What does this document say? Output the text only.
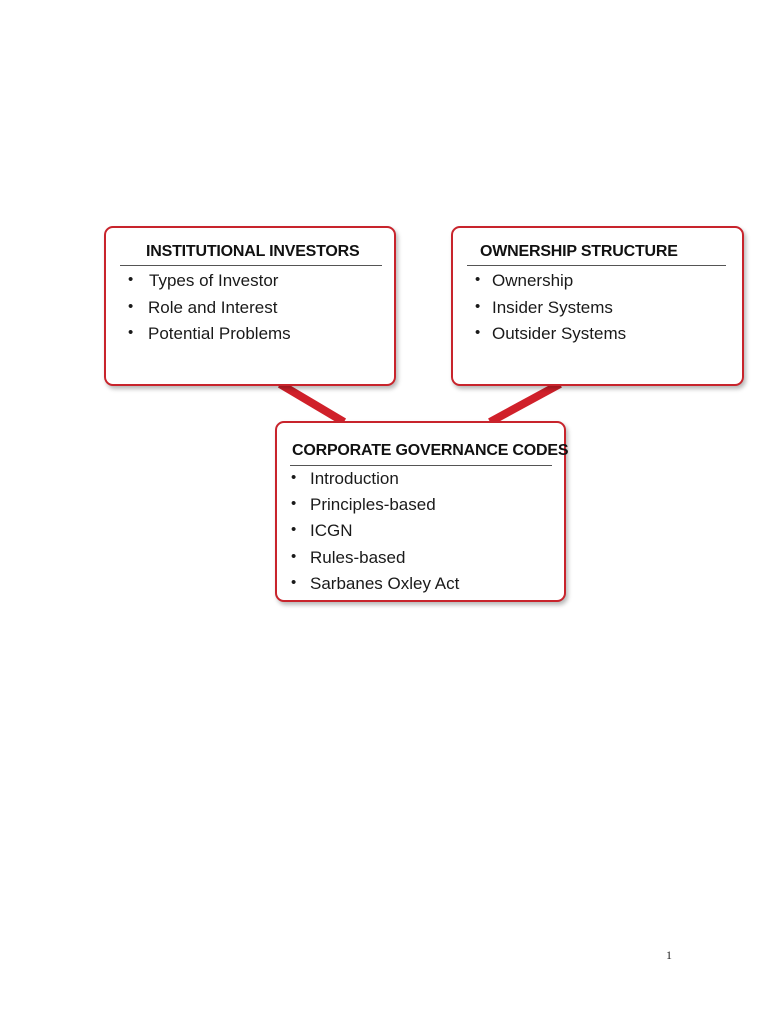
INSTITUTIONAL INVESTORS
• Types of Investor
• Role and Interest
• Potential Problems
OWNERSHIP STRUCTURE
• Ownership
• Insider Systems
• Outsider Systems
CORPORATE GOVERNANCE CODES
• Introduction
• Principles-based
• ICGN
• Rules-based
• Sarbanes Oxley Act
1
